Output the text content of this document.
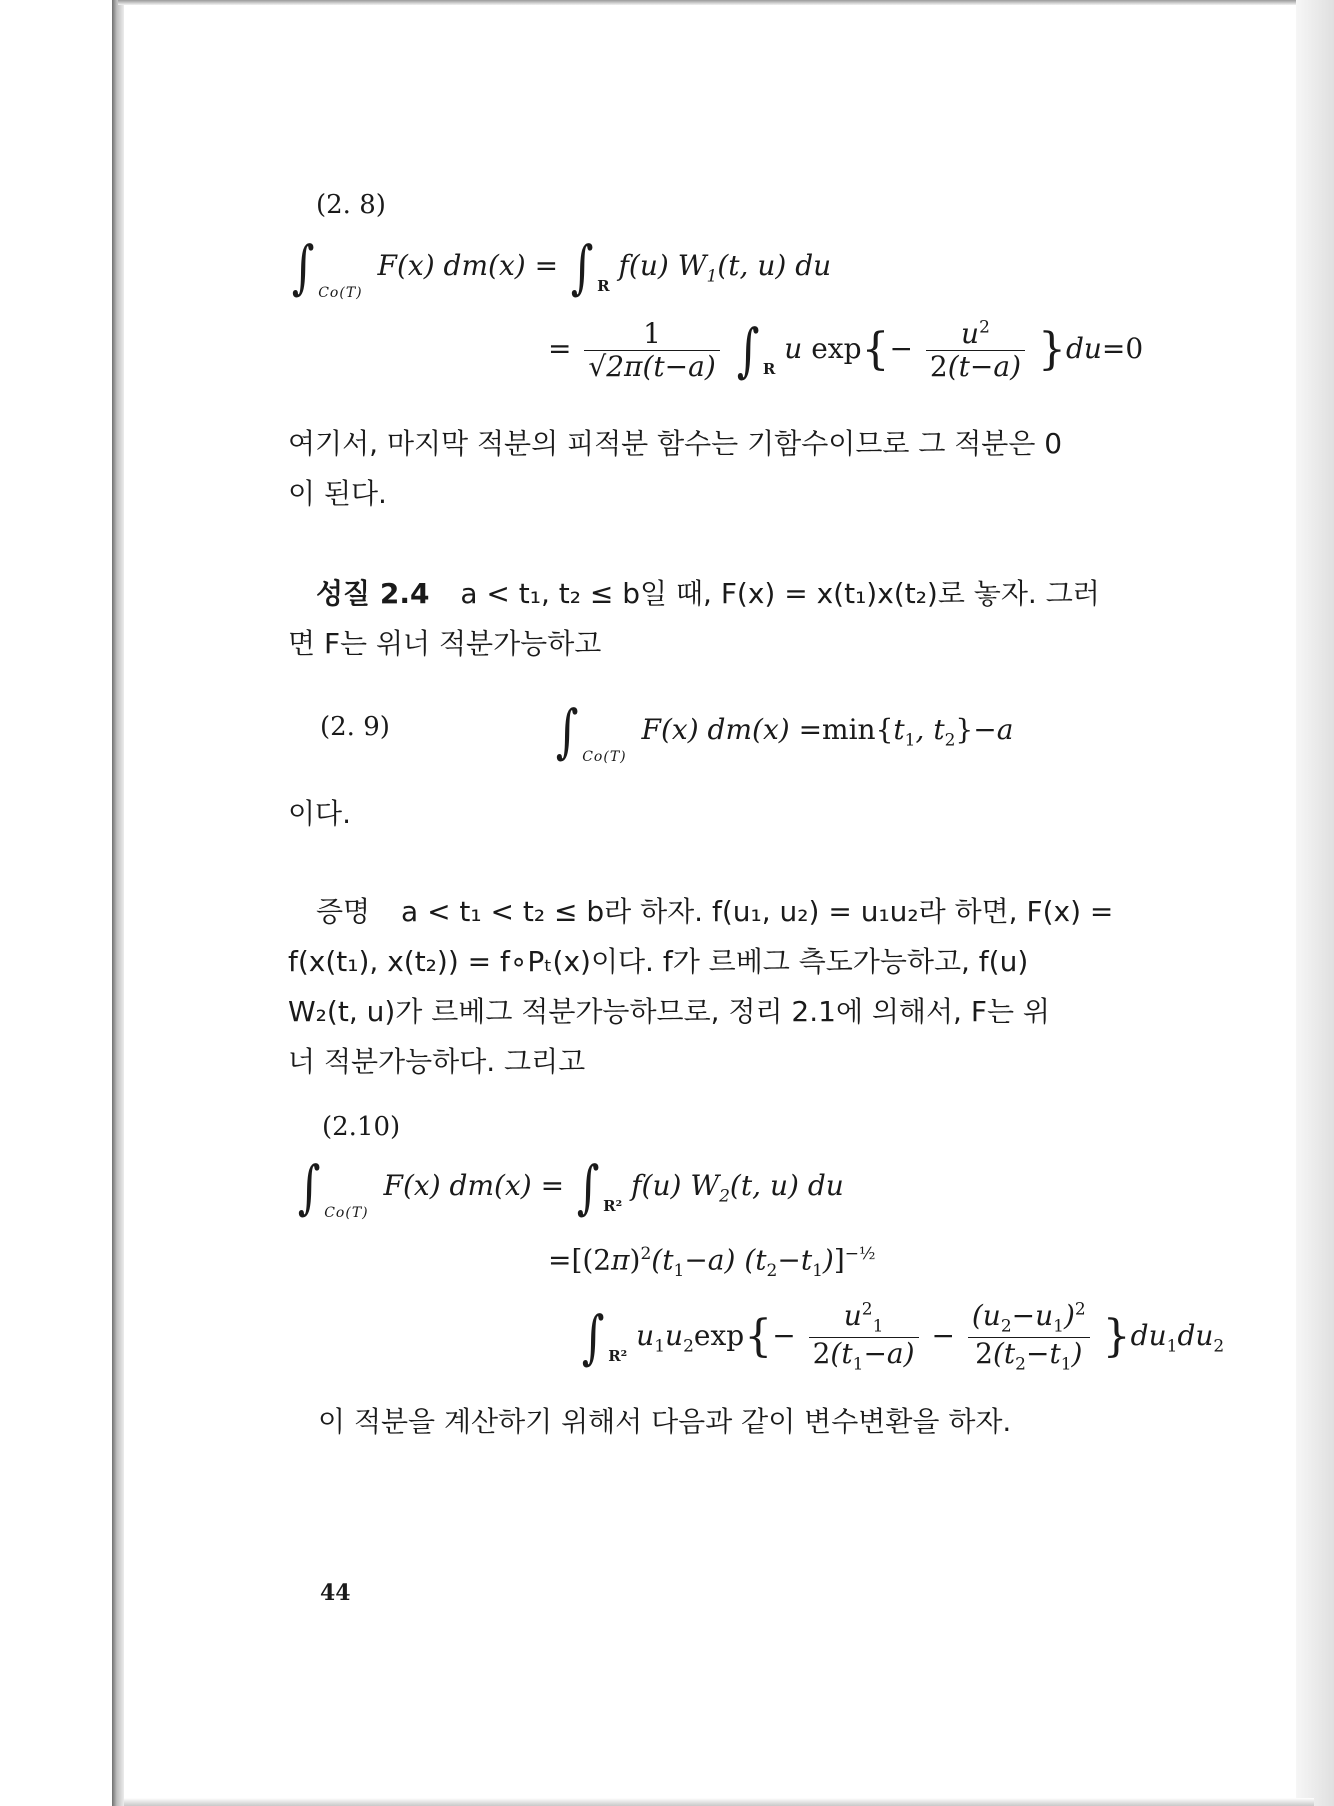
(2. 8)
∫ $_{Co(T)}$ F(x) dm(x) = ∫ $_R$ f(u) $W_1(t$, u) du
= $\frac{1}{√2\pi(t-a)}$ ∫ $_R$ u $\exp\{- \frac{u^2}{2(t-a)} \}du=0$
여기서, 마지막 적분의 피적분 함수는 기함수이므로 그 적분은 0
이 된다.
성질 2.4 a < t₁, t₂ ≤ b일 때, F(x) = x(t₁)x(t₂)로 놓자. 그러
면 F는 위너 적분가능하고
(2. 9)	∫ $_{Co(T)}$ F(x) $dm(x) =\min\{t_1$, $t_2\}-a$
이다.
증명 a < t₁ < t₂ ≤ b라 하자. f(u₁, u₂) = u₁u₂라 하면, F(x) =
f(x(t₁), x(t₂)) = f∘Pₜ(x)이다. f가 르베그 측도가능하고, f(u)
W₂(t, u)가 르베그 적분가능하므로, 정리 2.1에 의해서, F는 위
너 적분가능하다. 그리고
(2.10)
∫ $_{Co(T)}$ F(x) dm(x) = ∫ $_{R^2}$ f(u) $W_2(t$, u) du
$=[(2\pi)^2(t_1-a)$ $(t_2-t_1)]^{-\frac{1}{2}}$
∫ $_{R^2}$ $u_1u_2\exp\{- \frac{u^2_1}{2(t_1-a)} - \frac{(u_2-u_1)^2}{2(t_2-t_1)} \}du_1du_2$
이 적분을 계산하기 위해서 다음과 같이 변수변환을 하자.
44
